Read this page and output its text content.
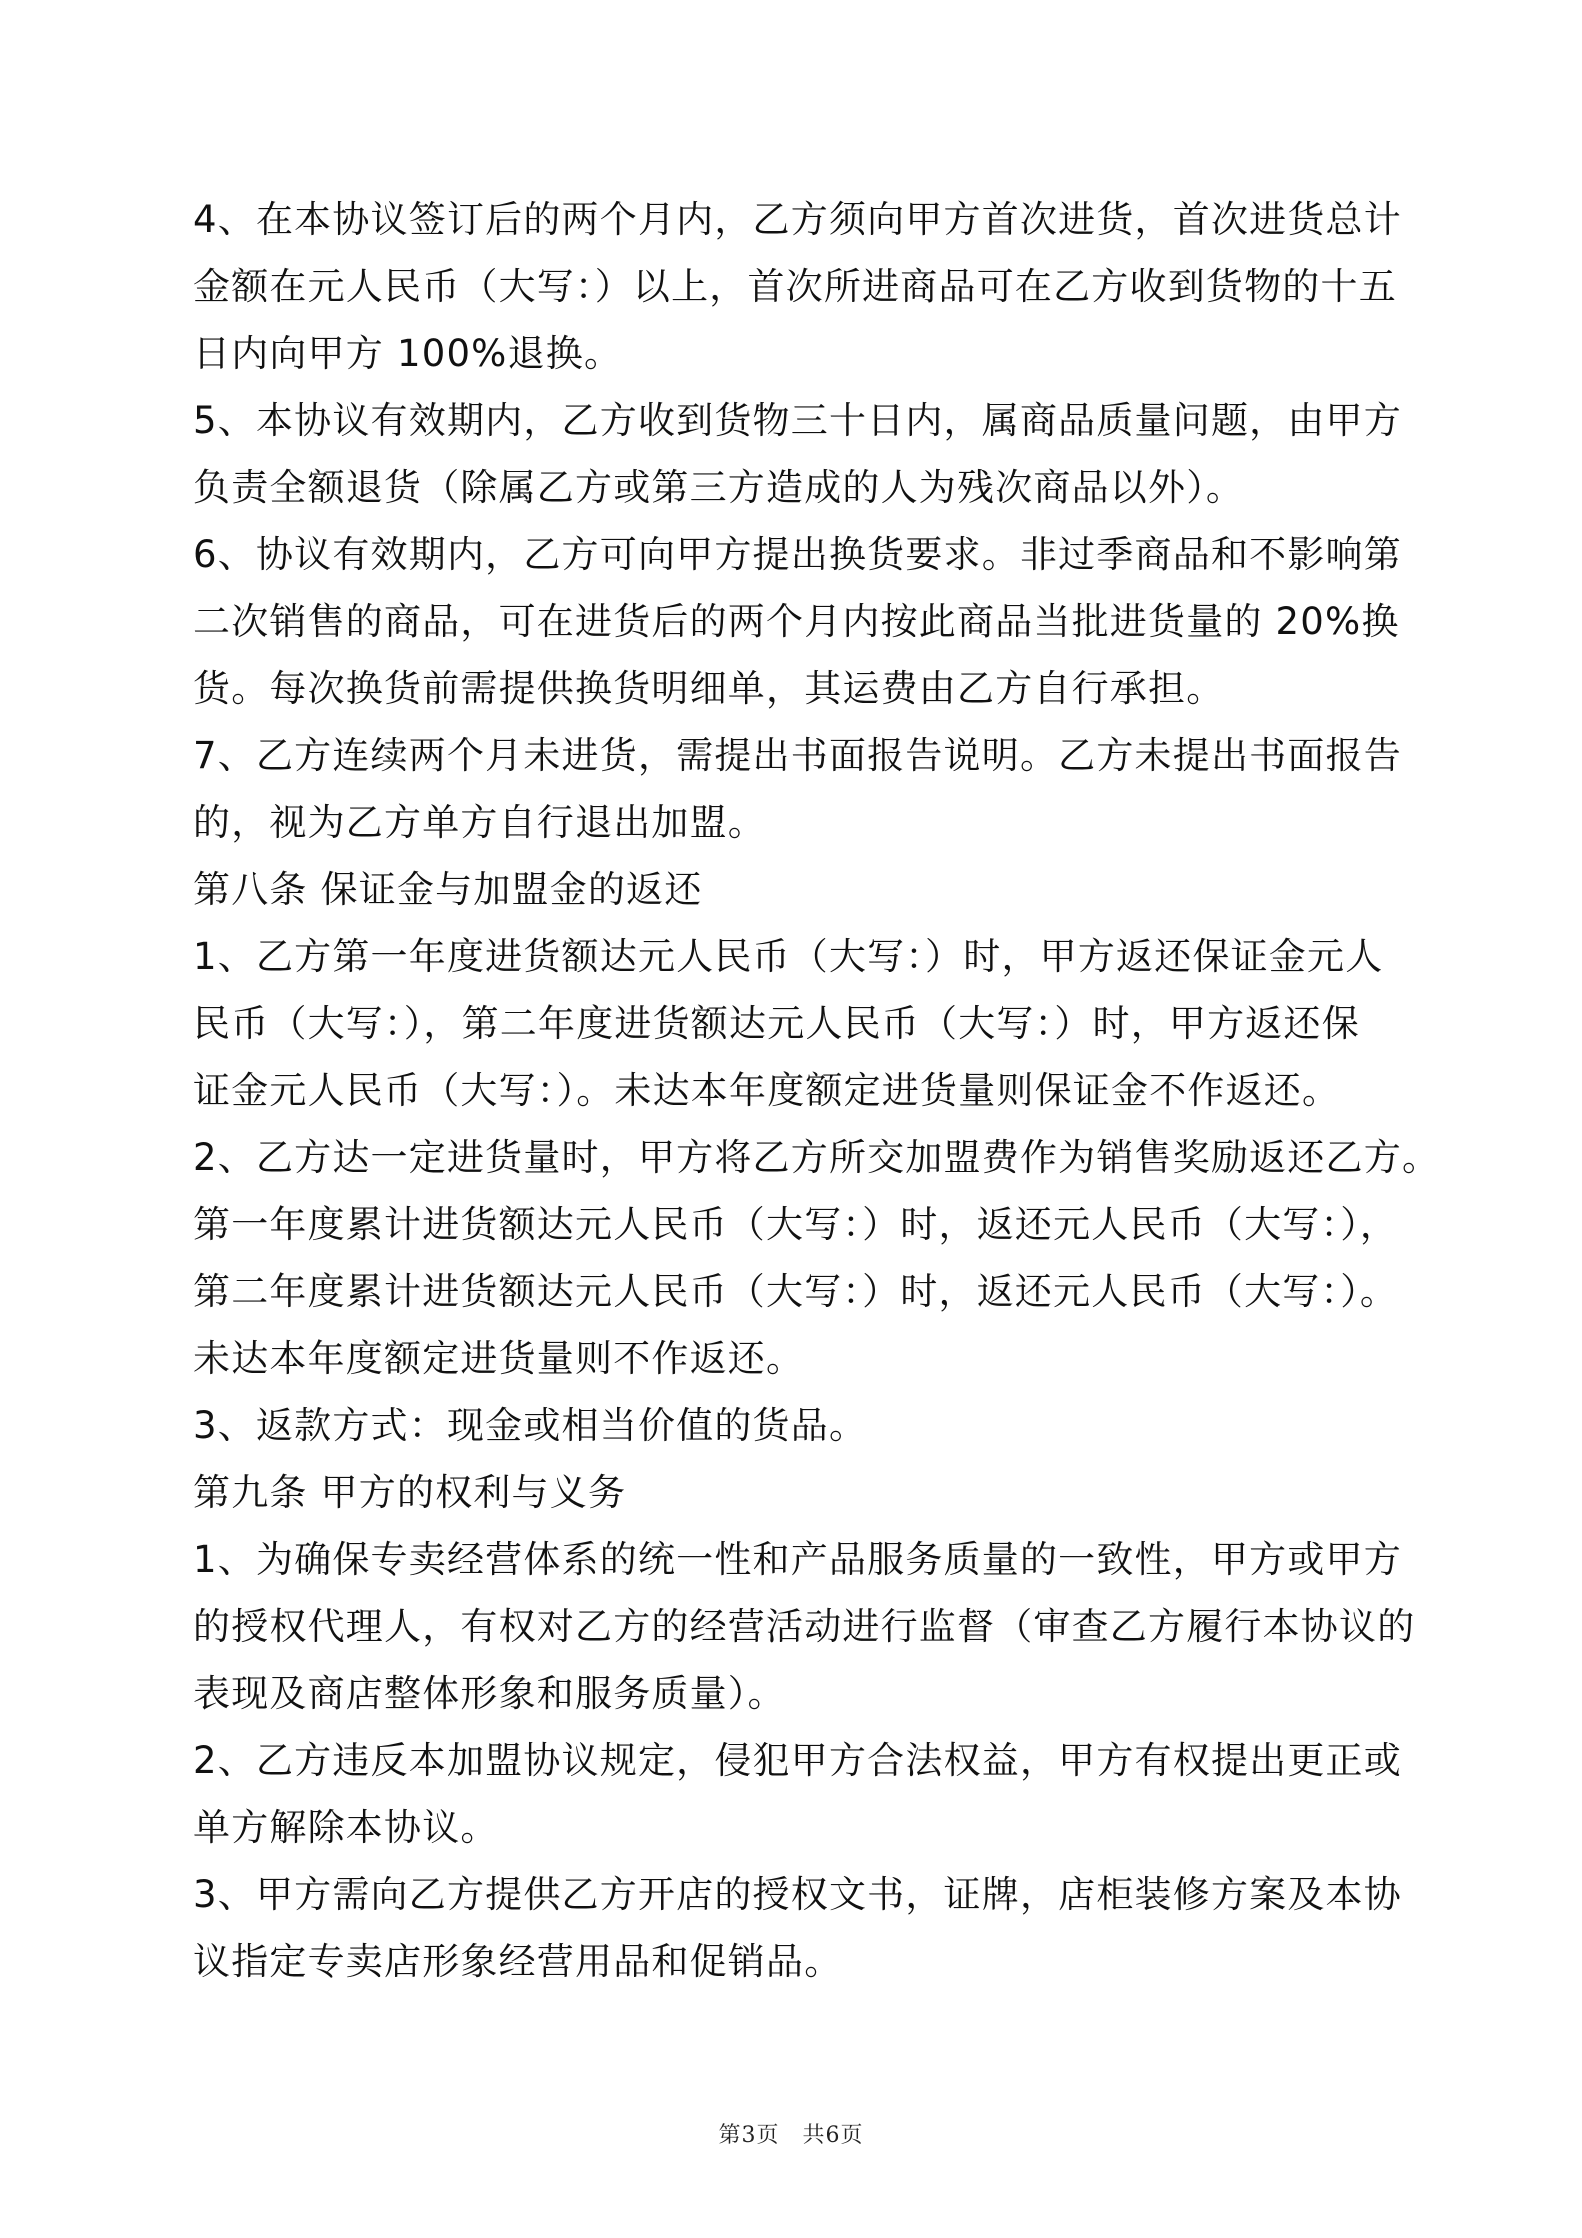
4、在本协议签订后的两个月内，乙方须向甲方首次进货，首次进货总计
金额在元人民币（大写：）以上，首次所进商品可在乙方收到货物的十五
日内向甲方 100%退换。
5、本协议有效期内，乙方收到货物三十日内，属商品质量问题，由甲方
负责全额退货（除属乙方或第三方造成的人为残次商品以外）。
6、协议有效期内，乙方可向甲方提出换货要求。非过季商品和不影响第
二次销售的商品，可在进货后的两个月内按此商品当批进货量的 20%换
货。每次换货前需提供换货明细单，其运费由乙方自行承担。
7、乙方连续两个月未进货，需提出书面报告说明。乙方未提出书面报告
的，视为乙方单方自行退出加盟。
第八条 保证金与加盟金的返还
1、乙方第一年度进货额达元人民币（大写：）时，甲方返还保证金元人
民币（大写：），第二年度进货额达元人民币（大写：）时，甲方返还保
证金元人民币（大写：）。未达本年度额定进货量则保证金不作返还。
2、乙方达一定进货量时，甲方将乙方所交加盟费作为销售奖励返还乙方。
第一年度累计进货额达元人民币（大写：）时，返还元人民币（大写：），
第二年度累计进货额达元人民币（大写：）时，返还元人民币（大写：）。
未达本年度额定进货量则不作返还。
3、返款方式：现金或相当价值的货品。
第九条 甲方的权利与义务
1、为确保专卖经营体系的统一性和产品服务质量的一致性，甲方或甲方
的授权代理人，有权对乙方的经营活动进行监督（审查乙方履行本协议的
表现及商店整体形象和服务质量）。
2、乙方违反本加盟协议规定，侵犯甲方合法权益，甲方有权提出更正或
单方解除本协议。
3、甲方需向乙方提供乙方开店的授权文书，证牌，店柜装修方案及本协
议指定专卖店形象经营用品和促销品。
第3页　共6页
